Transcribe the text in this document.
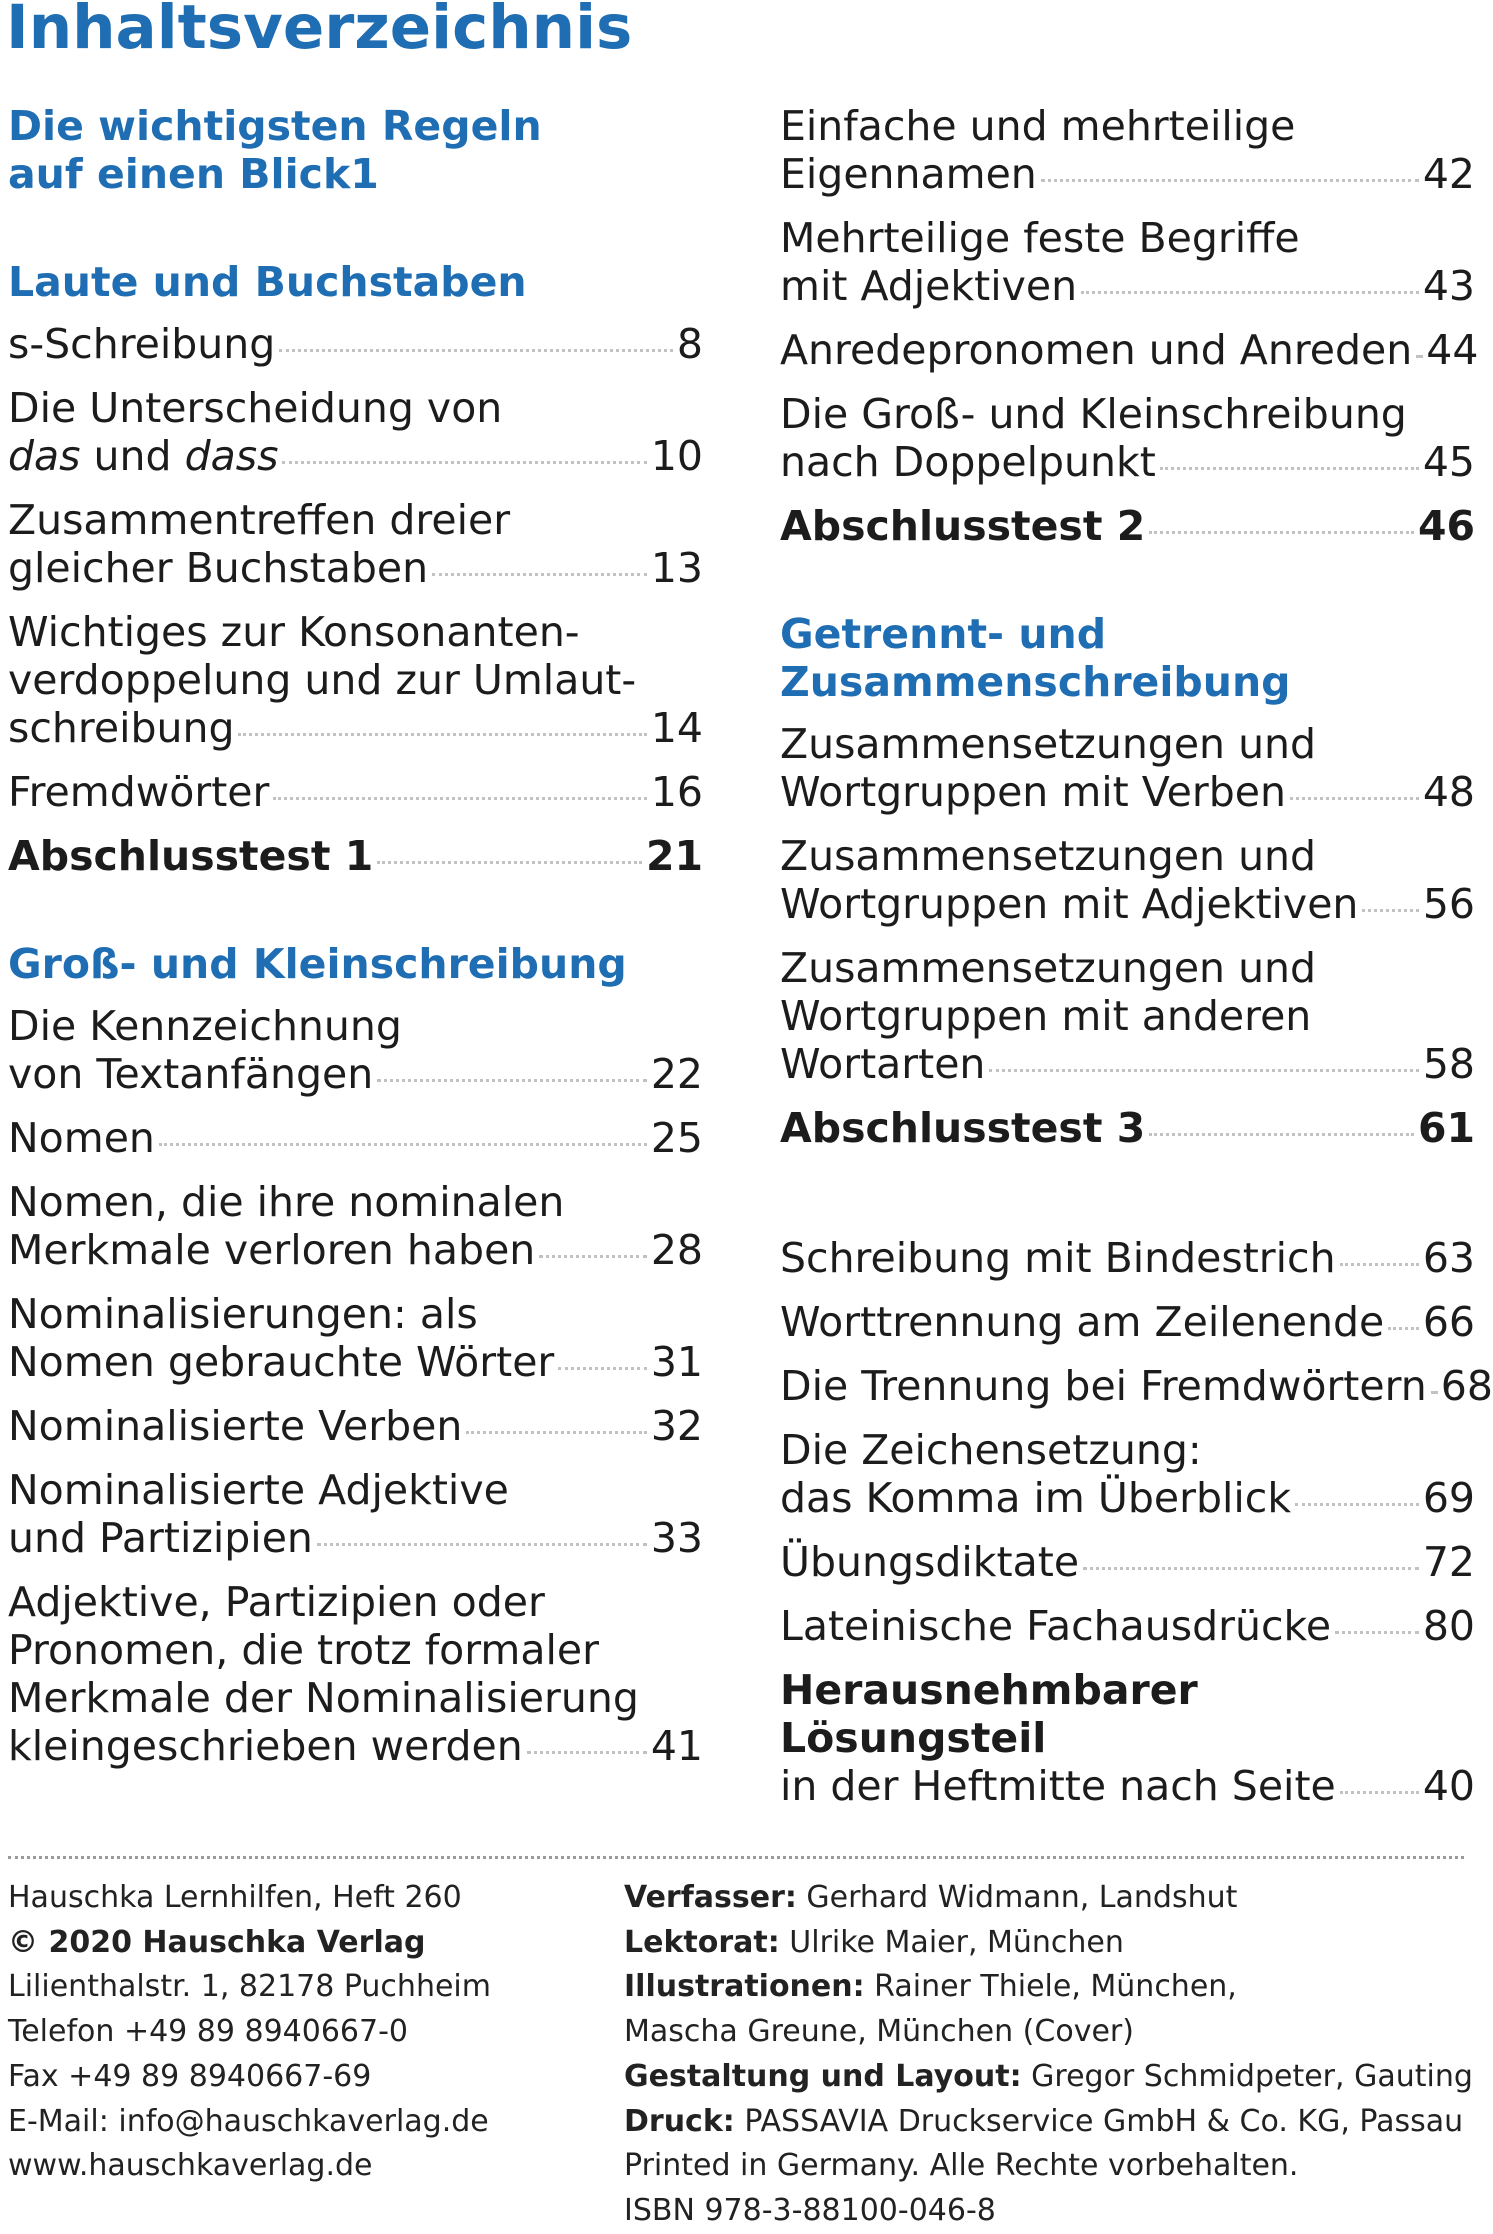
Inhaltsverzeichnis
Die wichtigsten Regeln
auf einen Blick1
Laute und Buchstaben
s-Schreibung	8
Die Unterscheidung von
das und dass	10
Zusammentreffen dreier
gleicher Buchstaben	13
Wichtiges zur Konsonanten-
verdoppelung und zur Umlaut-
schreibung	14
Fremdwörter	16
Abschlusstest 1	21
Groß- und Kleinschreibung
Die Kennzeichnung
von Textanfängen	22
Nomen	25
Nomen, die ihre nominalen
Merkmale verloren haben	28
Nominalisierungen: als
Nomen gebrauchte Wörter 31
Nominalisierte Verben	32
Nominalisierte Adjektive
und Partizipien	33
Adjektive, Partizipien oder
Pronomen, die trotz formaler
Merkmale der Nominalisierung
kleingeschrieben werden	41
Einfache und mehrteilige
Eigennamen	42
Mehrteilige feste Begriffe
mit Adjektiven	43
Anredepronomen und Anreden 44
Die Groß- und Kleinschreibung
nach Doppelpunkt	45
Abschlusstest 2	46
Getrennt- und
Zusammenschreibung
Zusammensetzungen und
Wortgruppen mit Verben	48
Zusammensetzungen und
Wortgruppen mit Adjektiven 56
Zusammensetzungen und
Wortgruppen mit anderen
Wortarten	58
Abschlusstest 3	61
Schreibung mit Bindestrich 63
Worttrennung am Zeilenende 66
Die Trennung bei Fremdwörtern 68
Die Zeichensetzung:
das Komma im Überblick	69
Übungsdiktate	72
Lateinische Fachausdrücke 80
Herausnehmbarer Lösungsteil
in der Heftmitte nach Seite 40
Hauschka Lernhilfen, Heft 260
© 2020 Hauschka Verlag
Lilienthalstr. 1, 82178 Puchheim
Telefon +49 89 8940667-0
Fax +49 89 8940667-69
E-Mail: info@hauschkaverlag.de
www.hauschkaverlag.de
Verfasser: Gerhard Widmann, Landshut
Lektorat: Ulrike Maier, München
Illustrationen: Rainer Thiele, München,
Mascha Greune, München (Cover)
Gestaltung und Layout: Gregor Schmidpeter, Gauting
Druck: PASSAVIA Druckservice GmbH & Co. KG, Passau
Printed in Germany. Alle Rechte vorbehalten.
ISBN 978-3-88100-046-8
